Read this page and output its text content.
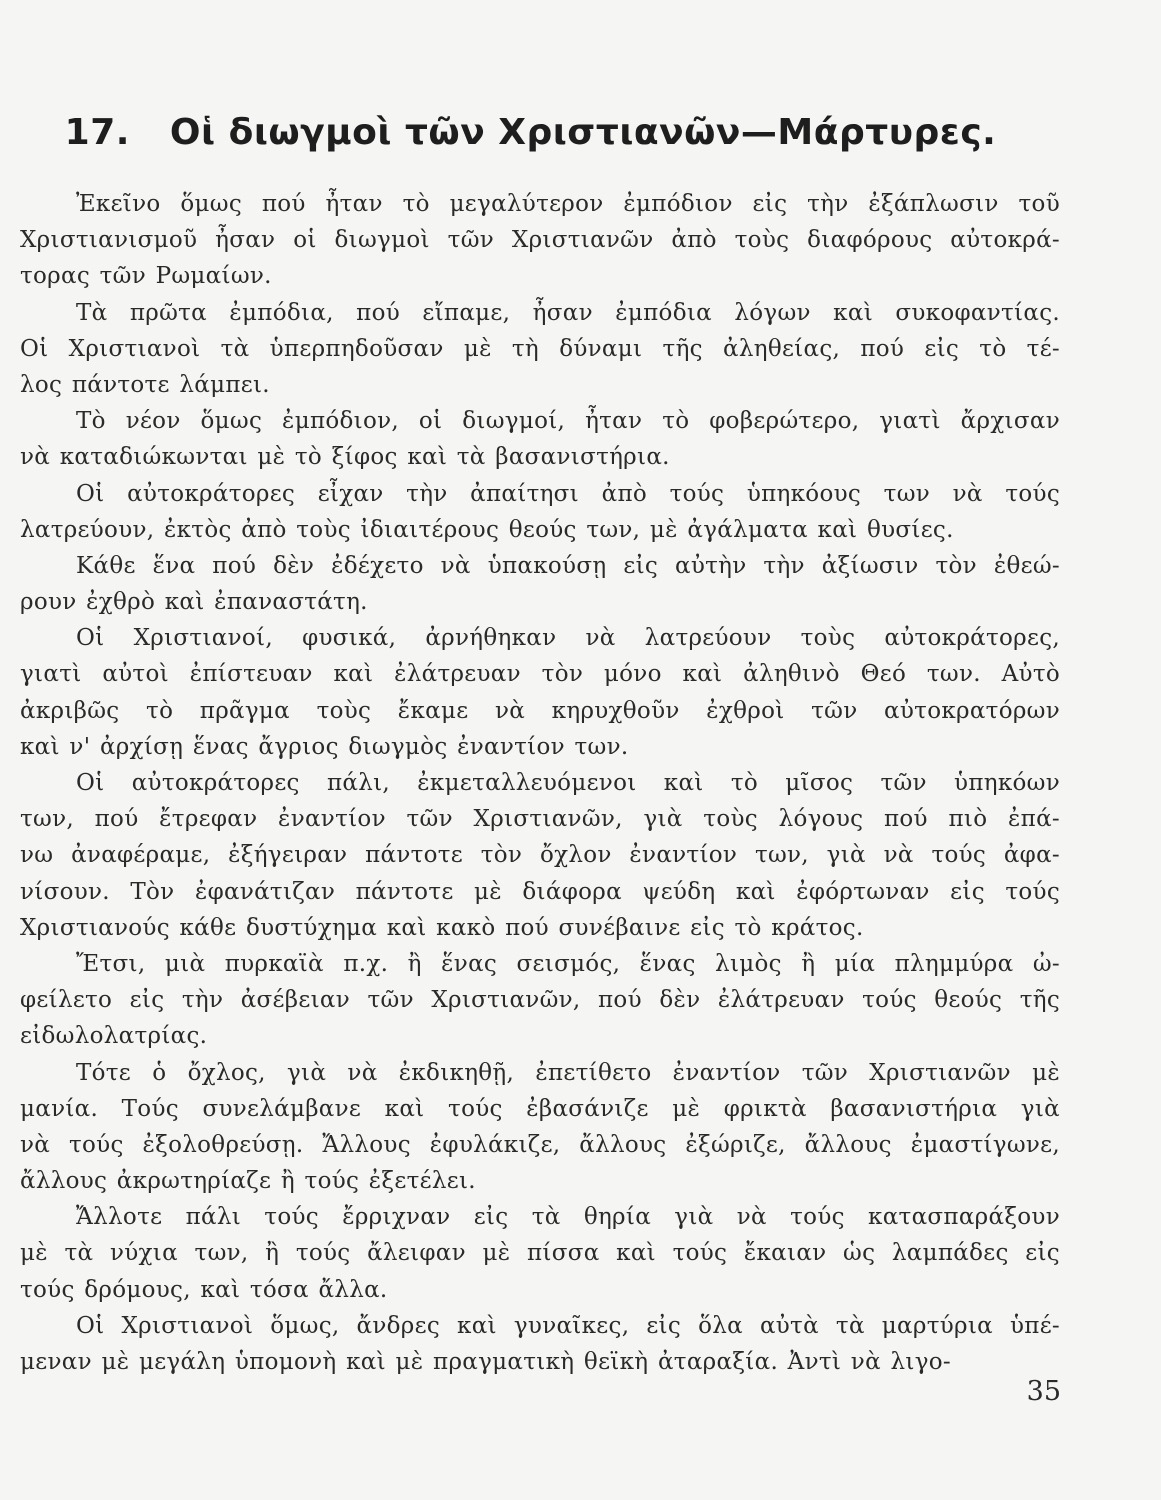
17. Οἱ διωγμοὶ τῶν Χριστιανῶν—Μάρτυρες.
Ἐκεῖνο ὅμως πού ἦταν τὸ μεγαλύτερον ἐμπόδιον εἰς τὴν ἐξάπλωσιν τοῦ
Χριστιανισμοῦ ἦσαν οἱ διωγμοὶ τῶν Χριστιανῶν ἀπὸ τοὺς διαφόρους αὐτοκρά-
τορας τῶν Ρωμαίων.
Τὰ πρῶτα ἐμπόδια, πού εἴπαμε, ἦσαν ἐμπόδια λόγων καὶ συκοφαντίας.
Οἱ Χριστιανοὶ τὰ ὑπερπηδοῦσαν μὲ τὴ δύναμι τῆς ἀληθείας, πού εἰς τὸ τέ-
λος πάντοτε λάμπει.
Τὸ νέον ὅμως ἐμπόδιον, οἱ διωγμοί, ἦταν τὸ φοβερώτερο, γιατὶ ἄρχισαν
νὰ καταδιώκωνται μὲ τὸ ξίφος καὶ τὰ βασανιστήρια.
Οἱ αὐτοκράτορες εἶχαν τὴν ἀπαίτησι ἀπὸ τούς ὑπηκόους των νὰ τούς
λατρεύουν, ἐκτὸς ἀπὸ τοὺς ἰδιαιτέρους θεούς των, μὲ ἀγάλματα καὶ θυσίες.
Κάθε ἕνα πού δὲν ἐδέχετο νὰ ὑπακούσῃ εἰς αὐτὴν τὴν ἀξίωσιν τὸν ἐθεώ-
ρουν ἐχθρὸ καὶ ἐπαναστάτη.
Οἱ Χριστιανοί, φυσικά, ἀρνήθηκαν νὰ λατρεύουν τοὺς αὐτοκράτορες,
γιατὶ αὐτοὶ ἐπίστευαν καὶ ἐλάτρευαν τὸν μόνο καὶ ἀληθινὸ Θεό των. Αὐτὸ
ἀκριβῶς τὸ πρᾶγμα τοὺς ἔκαμε νὰ κηρυχθοῦν ἐχθροὶ τῶν αὐτοκρατόρων
καὶ ν' ἀρχίσῃ ἕνας ἄγριος διωγμὸς ἐναντίον των.
Οἱ αὐτοκράτορες πάλι, ἐκμεταλλευόμενοι καὶ τὸ μῖσος τῶν ὑπηκόων
των, πού ἔτρεφαν ἐναντίον τῶν Χριστιανῶν, γιὰ τοὺς λόγους πού πιὸ ἐπά-
νω ἀναφέραμε, ἐξήγειραν πάντοτε τὸν ὄχλον ἐναντίον των, γιὰ νὰ τούς ἀφα-
νίσουν. Τὸν ἐφανάτιζαν πάντοτε μὲ διάφορα ψεύδη καὶ ἐφόρτωναν εἰς τούς
Χριστιανούς κάθε δυστύχημα καὶ κακὸ πού συνέβαινε εἰς τὸ κράτος.
Ἔτσι, μιὰ πυρκαϊὰ π.χ. ἢ ἕνας σεισμός, ἕνας λιμὸς ἢ μία πλημμύρα ὠ-
φείλετο εἰς τὴν ἀσέβειαν τῶν Χριστιανῶν, πού δὲν ἐλάτρευαν τούς θεούς τῆς
εἰδωλολατρίας.
Τότε ὁ ὄχλος, γιὰ νὰ ἐκδικηθῇ, ἐπετίθετο ἐναντίον τῶν Χριστιανῶν μὲ
μανία. Τούς συνελάμβανε καὶ τούς ἐβασάνιζε μὲ φρικτὰ βασανιστήρια γιὰ
νὰ τούς ἐξολοθρεύσῃ. Ἄλλους ἐφυλάκιζε, ἄλλους ἐξώριζε, ἄλλους ἐμαστίγωνε,
ἄλλους ἀκρωτηρίαζε ἢ τούς ἐξετέλει.
Ἄλλοτε πάλι τούς ἔρριχναν εἰς τὰ θηρία γιὰ νὰ τούς κατασπαράξουν
μὲ τὰ νύχια των, ἢ τούς ἄλειφαν μὲ πίσσα καὶ τούς ἔκαιαν ὡς λαμπάδες εἰς
τούς δρόμους, καὶ τόσα ἄλλα.
Οἱ Χριστιανοὶ ὅμως, ἄνδρες καὶ γυναῖκες, εἰς ὅλα αὐτὰ τὰ μαρτύρια ὑπέ-
μεναν μὲ μεγάλη ὑπομονὴ καὶ μὲ πραγματικὴ θεϊκὴ ἀταραξία. Ἀντὶ νὰ λιγο-
35
